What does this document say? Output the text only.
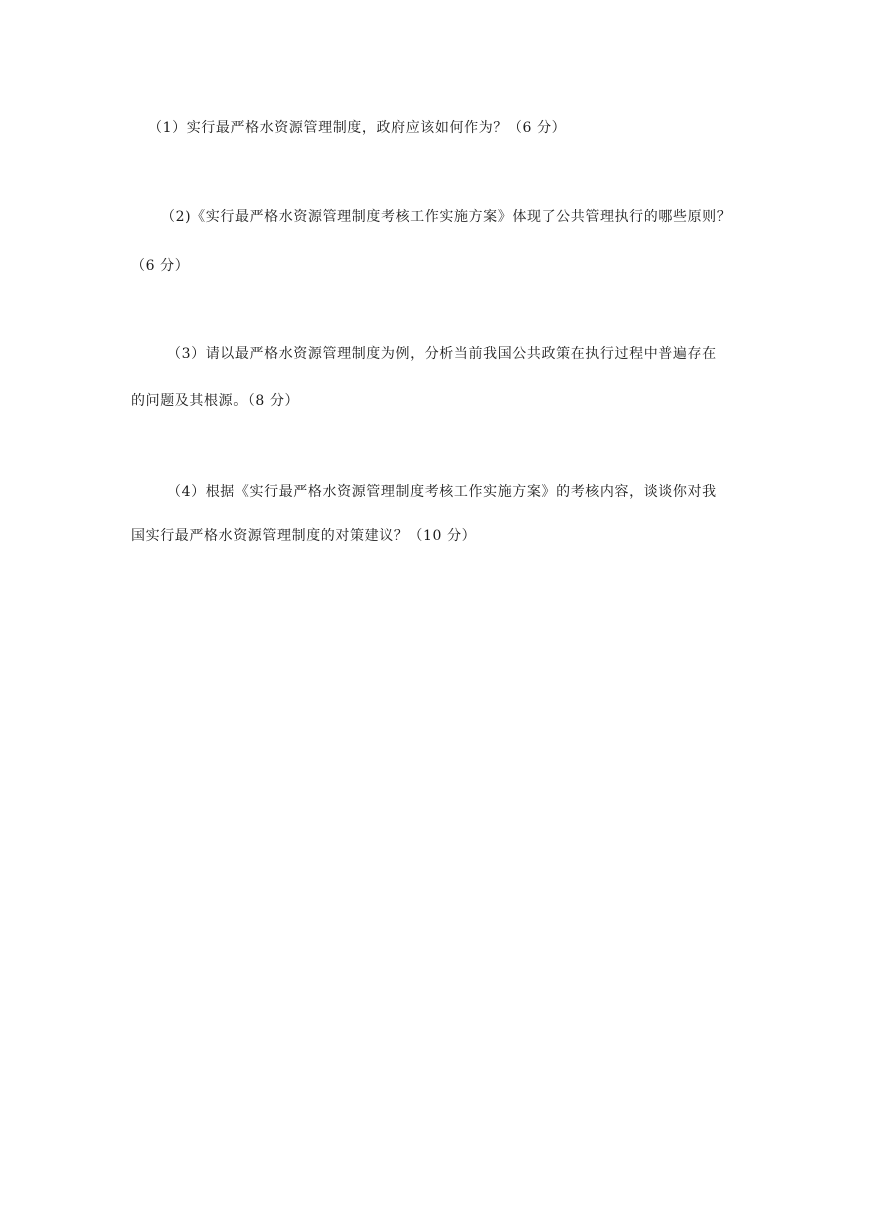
（1）实行最严格水资源管理制度，政府应该如何作为？（6 分）
（2)《实行最严格水资源管理制度考核工作实施方案》体现了公共管理执行的哪些原则？
（6 分）
（3）请以最严格水资源管理制度为例，分析当前我国公共政策在执行过程中普遍存在
的问题及其根源。（8 分）
（4）根据《实行最严格水资源管理制度考核工作实施方案》的考核内容，谈谈你对我
国实行最严格水资源管理制度的对策建议？（10 分）
